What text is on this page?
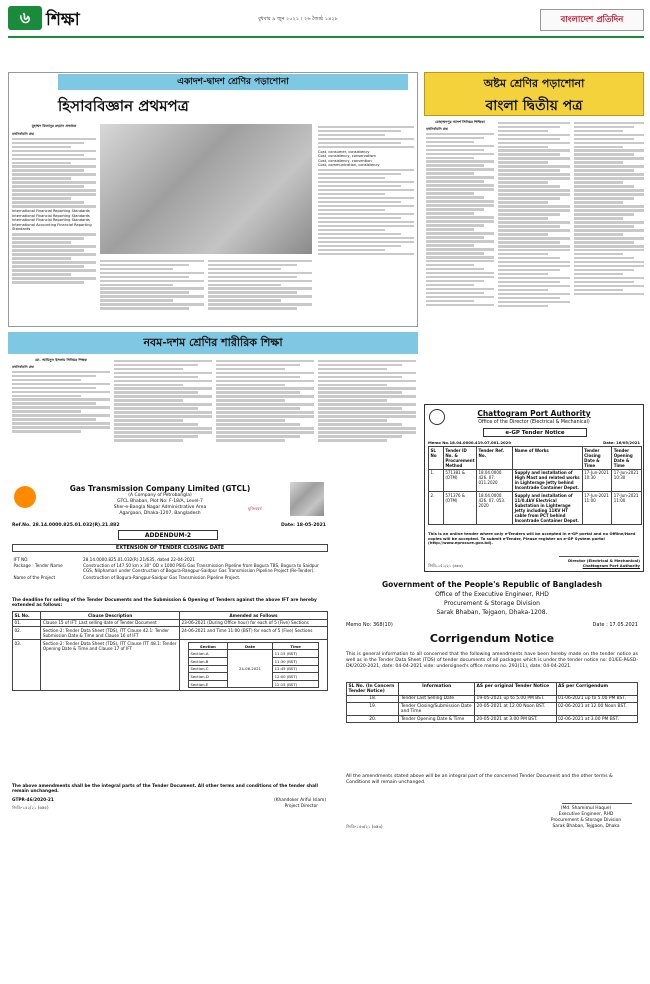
৬ শিক্ষা	বুধবার ৯ জুন ২০২১ । ২৬ জ্যৈষ্ঠ ১৪২৮	বাংলাদেশ প্রতিদিন
একাদশ-দ্বাদশ শ্রেণির পড়াশোনা
হিসাববিজ্ঞান প্রথমপত্র
মুহাম্মদ মিজানুর রহমান প্রভাষক
বহুনির্বাচনি প্রশ্ন
International Financial Reporting Standards
International Financial Reporting Standards
International Financial Reporting Standards
International Accounting Financial Reporting Standards
Cost, consumer, consistency
Cost, consistency, conservatism
Cost, consistency, convention
Cost, communication, consistency
অষ্টম শ্রেণির পড়াশোনা
বাংলা দ্বিতীয় পত্র
মোহাম্মদপুর আদর্শ সিনিয়র শিক্ষিকা
বহুনির্বাচনি প্রশ্ন
নবম-দশম শ্রেণির শারীরিক শিক্ষা
মো. আমিনুল ইসলাম সিনিয়র শিক্ষক
বহুনির্বাচনি প্রশ্ন
Chattogram Port Authority
Office of the Director (Electrical & Mechanical)
e-GP Tender Notice
Memo No.18.04.0000.419.07.001.2020	Date: 16/05/2021
SL No	Tender ID No. & Procurement Method	Tender Ref. No.	Name of Works	Tender Closing Date & Time	Tender Opening Date & Time
1.	571381 & (OTM)	18.04.0000. 426. 07. 011.2020	Supply and installation of High Mast and related works in Lighterage Jetty behind Incontrade Container Depot.	17-Jun-2021 10:30	17-Jun-2021 10:30
2.	571376 & (OTM)	18.04.0000. 426. 07. 053. 2020	Supply and installation of 11/0.4kV Electrical Substation in Lighterage Jetty including 11KV HT cable from PCT behind Incontrade Container Depot.	17-Jun-2021 11:00	17-Jun-2021 11:00
This is an online tender where only e-Tenders will be accepted in e-GP portal and no Offline/Hard copies will be accepted. To submit e-Tender, Please register on e-GP System portal (http://www.eprocure.gov.bd).
Director (Electrical & Mechanical)
Chattogram Port Authority
জিডি-১৫১/২১ (৬x৩)
Gas Transmission Company Limited (GTCL)
(A Company of Petrobangla)
GTCL Bhaban, Plot No: F-18/A, Level-7
Sher-e-Bangla Nagar Administrative Area
Agargaon, Dhaka-1207, Bangladesh
মুজিববর্ষ
Ref.No. 28.14.0000.825.01.032(R).21.882	Date: 18-05-2021
ADDENDUM-2
EXTENSION OF TENDER CLOSING DATE
IFT NO.	28.14.0000.825.01.032(R).21/635, dated 22-04-2021
Package : Tender Name	Construction of 147.50 km x 30" OD x 1000 PSIG Gas Transmission Pipeline from Bogura TBS, Bogura to Saidpur CGS, Nilphamari under Construction of Bogura-Rangpur-Saidpur Gas Transmission Pipeline Project (Re-Tender).
Name of the Project	Construction of Bogura-Rangpur-Saidpur Gas Transmission Pipeline Project.
The deadline for selling of the Tender Documents and the Submission & Opening of Tenders against the above IFT are hereby extended as follows:
SL No.	Clause Description	Amended as Follows
01.	Clause 15 of IFT: Last selling date of Tender Document	23-06-2021 (During Office hour) for each of 5 (Five) Sections
02.	Section-2: Tender Data Sheet (TDS), ITT Clause 42.1: Tender Submission Date & Time and Clause 16 of IFT	24-06-2021 and Time 11:00 (BST) for each of 5 (Five) Sections
03.	Section-2: Tender Data Sheet (TDS), ITT Clause ITT 48.1: Tender Opening Date & Time and Clause 17 of IFT		Section	Date	Time
Section-A	24-06-2021	11:15 (BST)
Section-B	11:30 (BST)
Section-C	11:45 (BST)
Section-D	12:00 (BST)
Section-E	12:15 (BST)
The above amendments shall be the integral parts of the Tender Document. All other terms and conditions of the tender shall remain unchanged.
GTPR-46/2020-21	(Khandoker Ariful Islam)
Project Director
জিডি-১৫২/২১ (৬x৫)
Government of the People's Republic of Bangladesh
Office of the Executive Engineer, RHD
Procurement & Storage Division
Sarak Bhaban, Tejgaon, Dhaka-1208.
Memo No: 368(10)	Date : 17.05.2021
Corrigendum Notice
This is general information to all concerned that the following amendments have been hereby made on the tender notice as well as in the Tender Data Sheet (TDS) of tender documents of all packages which is under the tender notice no: 01/EE-P&SD-DK/2020-2021, date: 04-04-2021 vide: undersigned's office memo no. 293(11), date: 04-04-2021.
SL No. (In Concern Tender Notice)	Information	AS per original Tender Notice	AS per Corrigendum
18.	Tender Last Selling Date	19-05-2021 up to 5.00 PM BST.	01-06-2021 up to 5.00 PM BST.
19.	Tender Closing/Submission Date and Time	20-05-2021 at 12.00 Noon BST.	02-06-2021 at 12.00 Noon BST.
20.	Tender Opening Date & Time	20-05-2021 at 3.00 PM BST.	02-06-2021 at 3.00 PM BST.
All the amendments stated above will be an integral part of the concerned Tender Document and the other terms & Conditions will remain unchanged.
(Md. Shamimul Haque)
Executive Engineer, RHD
Procurement & Storage Division
Sarak Bhaban, Tejgaon, Dhaka
জিডি-১৫৩/২১ (৬x৩)
